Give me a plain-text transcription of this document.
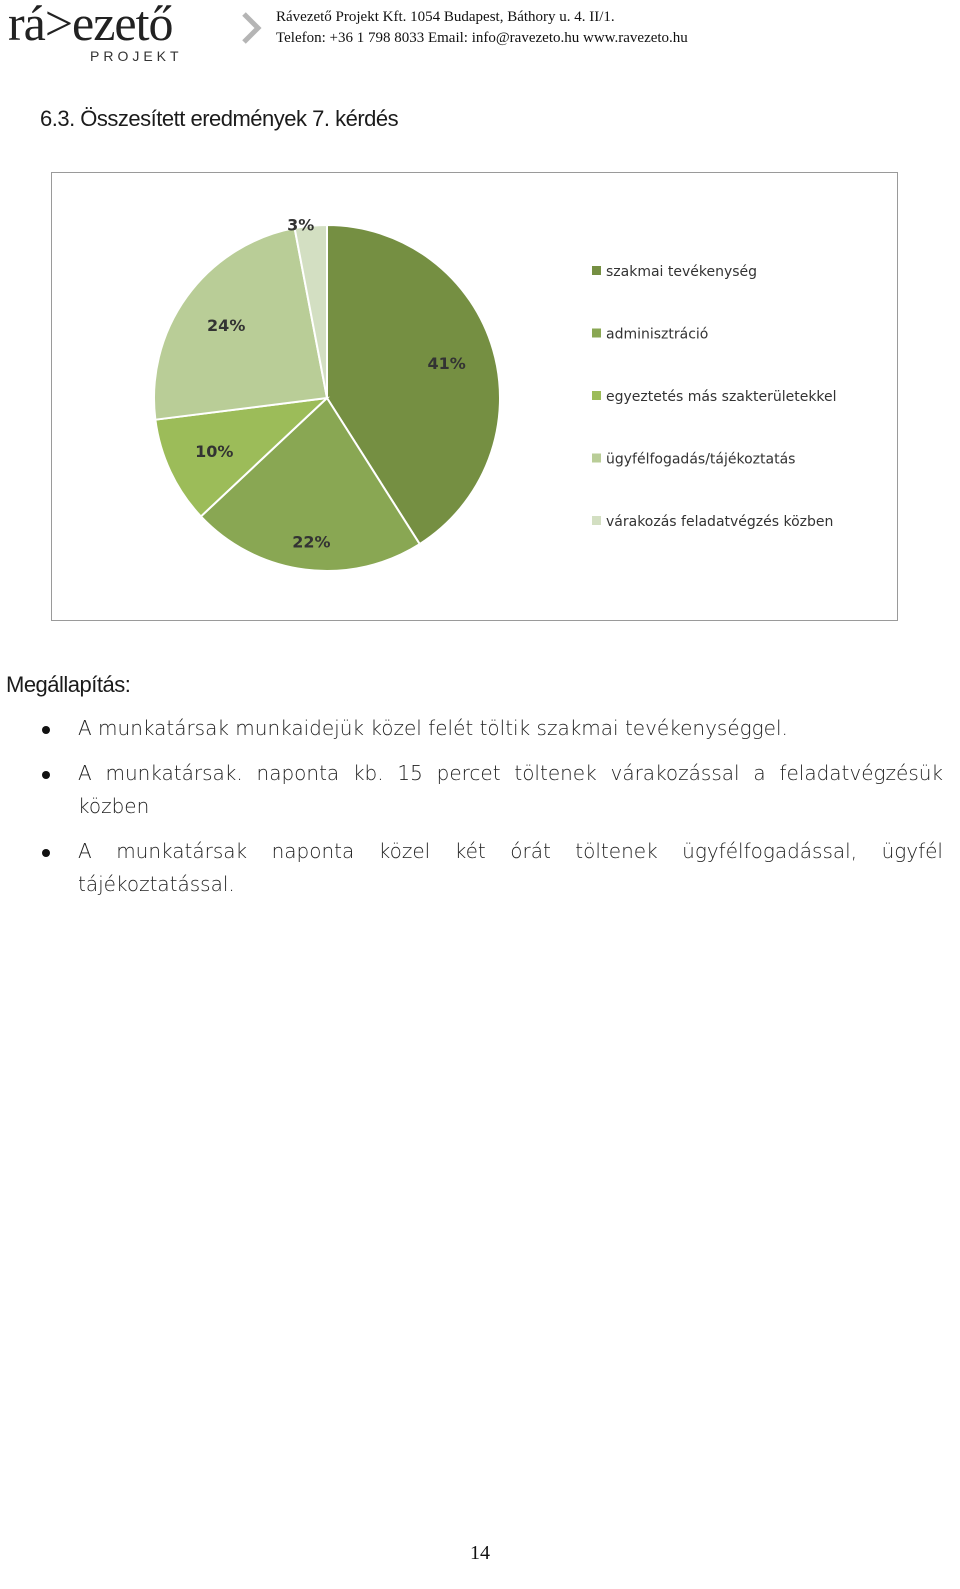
rá>ezető
PROJEKT
Rávezető Projekt Kft. 1054 Budapest, Báthory u. 4. II/1.
Telefon: +36 1 798 8033 Email: info@ravezeto.hu www.ravezeto.hu
6.3. Összesített eredmények 7. kérdés
41%
22%
10%
24%
3%
szakmai tevékenység
adminisztráció
egyeztetés más szakterületekkel
ügyfélfogadás/tájékoztatás
várakozás feladatvégzés közben
Megállapítás:
A munkatársak munkaidejük közel felét töltik szakmai tevékenységgel.
A munkatársak. naponta kb. 15 percet töltenek várakozással a feladatvégzésük közben
A munkatársak naponta közel két órát töltenek ügyfélfogadással, ügyfél tájékoztatással.
14
